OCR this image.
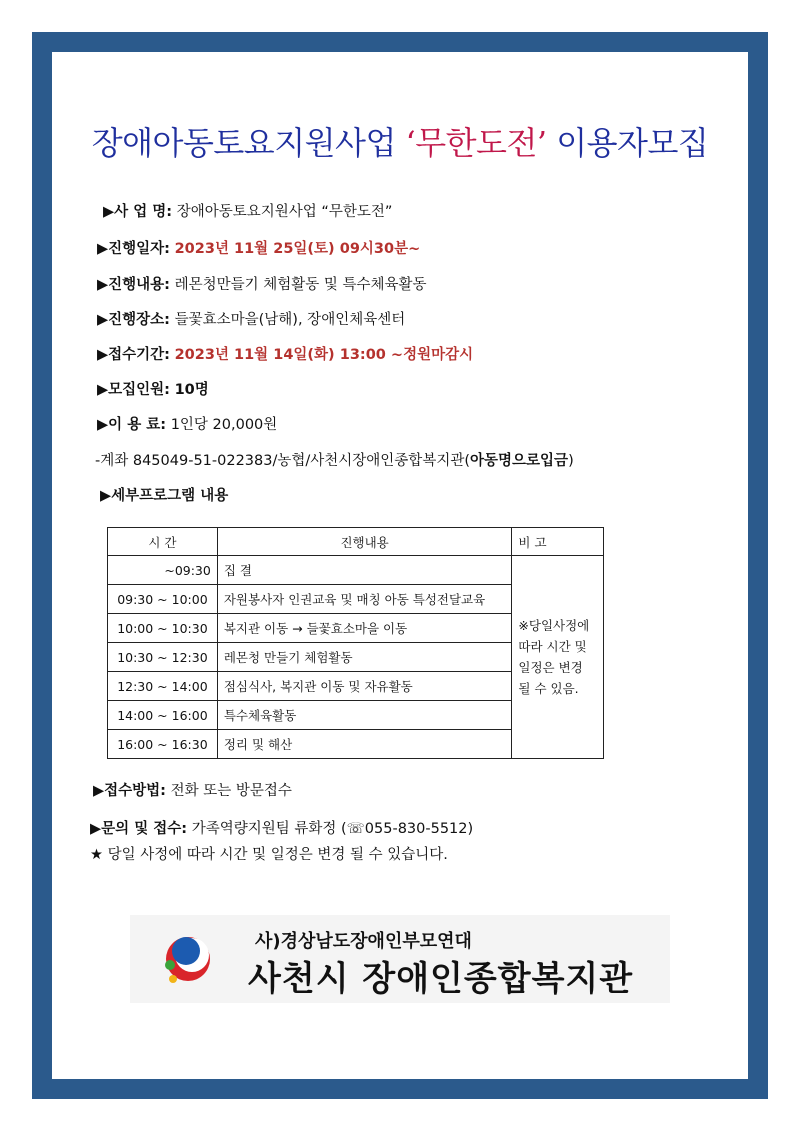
장애아동토요지원사업 ‘무한도전’ 이용자모집
▶사 업 명: 장애아동토요지원사업 “무한도전”
▶진행일자: 2023년 11월 25일(토) 09시30분~
▶진행내용: 레몬청만들기 체험활동 및 특수체육활동
▶진행장소: 들꽃효소마을(남해), 장애인체육센터
▶접수기간: 2023년 11월 14일(화) 13:00 ~정원마감시
▶모집인원: 10명
▶이 용 료: 1인당 20,000원
-계좌 845049-51-022383/농협/사천시장애인종합복지관(아동명으로입금)
▶세부프로그램 내용
시 간	진행내용	비 고
~09:30	집 결	※당일사정에 따라 시간 및 일정은 변경 될 수 있음.
09:30 ~ 10:00	자원봉사자 인권교육 및 매칭 아동 특성전달교육	
10:00 ~ 10:30	복지관 이동 → 들꽃효소마을 이동	
10:30 ~ 12:30	레몬청 만들기 체험활동	
12:30 ~ 14:00	점심식사, 복지관 이동 및 자유활동	
14:00 ~ 16:00	특수체육활동	
16:00 ~ 16:30	정리 및 해산	
▶접수방법: 전화 또는 방문접수
▶문의 및 접수: 가족역량지원팀 류화정 (☏055-830-5512)
★ 당일 사정에 따라 시간 및 일정은 변경 될 수 있습니다.
사)경상남도장애인부모연대
사천시 장애인종합복지관
